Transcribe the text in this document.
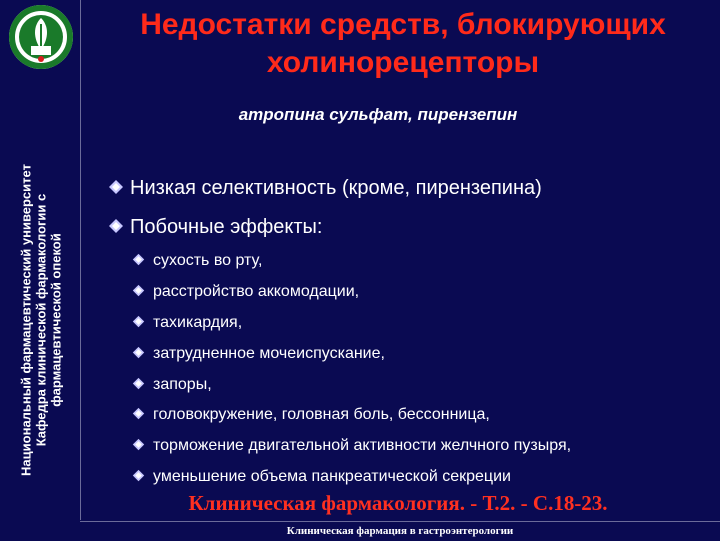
Национальный фармацевтический университет Кафедра клинической фармакологии с фармацевтической опекой
Недостатки средств, блокирующих холинорецепторы
атропина сульфат, пирензепин
Низкая селективность (кроме, пирензепина)
Побочные эффекты:
сухость во рту,
расстройство аккомодации,
тахикардия,
затрудненное мочеиспускание,
запоры,
головокружение, головная боль, бессонница,
торможение двигательной активности желчного пузыря,
уменьшение объема панкреатической секреции
Клиническая фармакология. - Т.2. - С.18-23.
Клиническая фармация в гастроэнтерологии
